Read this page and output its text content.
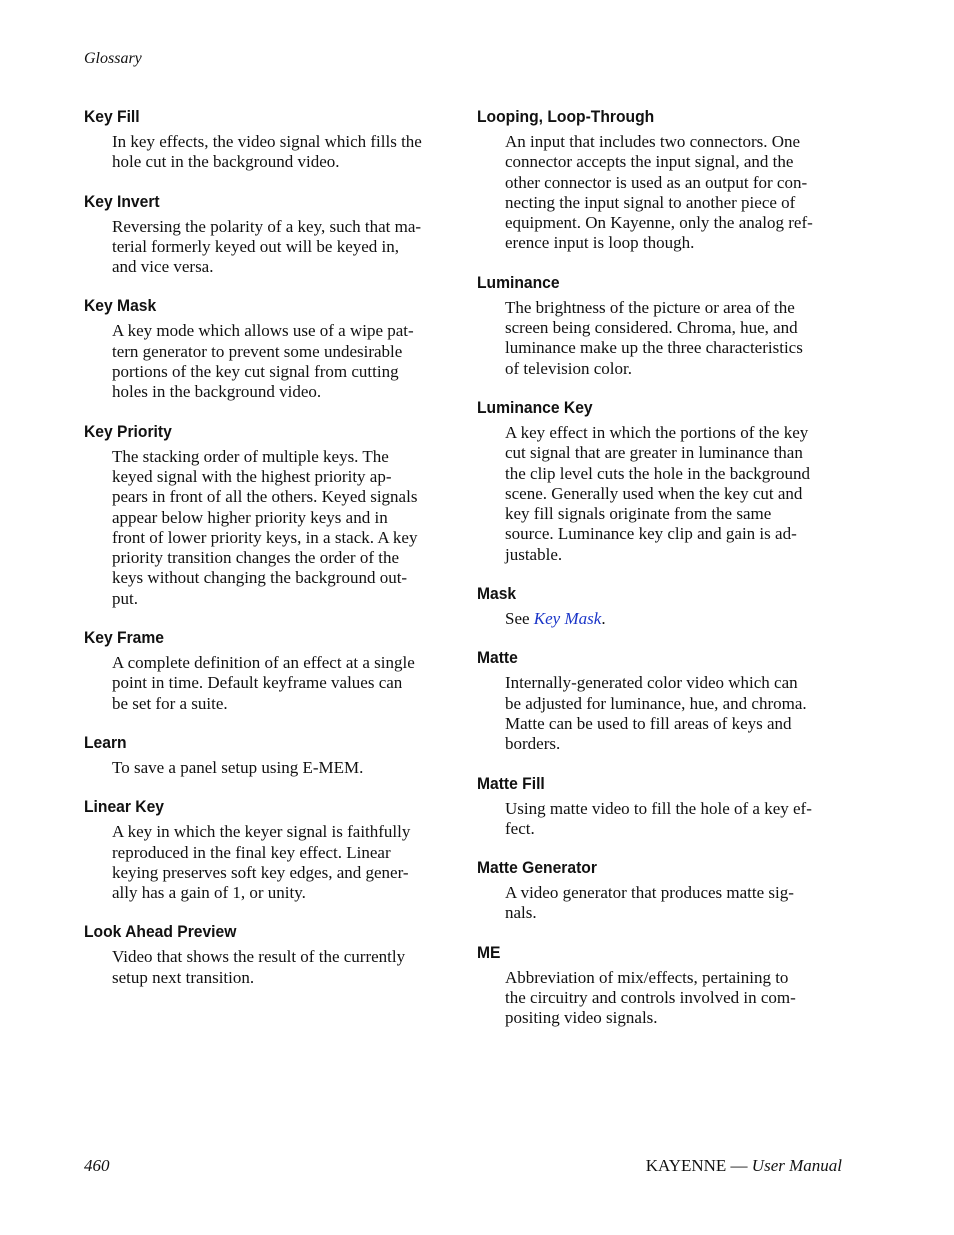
Glossary
Key Fill
In key effects, the video signal which fills the
hole cut in the background video.
Key Invert
Reversing the polarity of a key, such that ma-
terial formerly keyed out will be keyed in,
and vice versa.
Key Mask
A key mode which allows use of a wipe pat-
tern generator to prevent some undesirable
portions of the key cut signal from cutting
holes in the background video.
Key Priority
The stacking order of multiple keys. The
keyed signal with the highest priority ap-
pears in front of all the others. Keyed signals
appear below higher priority keys and in
front of lower priority keys, in a stack. A key
priority transition changes the order of the
keys without changing the background out-
put.
Key Frame
A complete definition of an effect at a single
point in time. Default keyframe values can
be set for a suite.
Learn
To save a panel setup using E-MEM.
Linear Key
A key in which the keyer signal is faithfully
reproduced in the final key effect. Linear
keying preserves soft key edges, and gener-
ally has a gain of 1, or unity.
Look Ahead Preview
Video that shows the result of the currently
setup next transition.
Looping, Loop-Through
An input that includes two connectors. One
connector accepts the input signal, and the
other connector is used as an output for con-
necting the input signal to another piece of
equipment. On Kayenne, only the analog ref-
erence input is loop though.
Luminance
The brightness of the picture or area of the
screen being considered. Chroma, hue, and
luminance make up the three characteristics
of television color.
Luminance Key
A key effect in which the portions of the key
cut signal that are greater in luminance than
the clip level cuts the hole in the background
scene. Generally used when the key cut and
key fill signals originate from the same
source. Luminance key clip and gain is ad-
justable.
Mask
See Key Mask.
Matte
Internally-generated color video which can
be adjusted for luminance, hue, and chroma.
Matte can be used to fill areas of keys and
borders.
Matte Fill
Using matte video to fill the hole of a key ef-
fect.
Matte Generator
A video generator that produces matte sig-
nals.
ME
Abbreviation of mix/effects, pertaining to
the circuitry and controls involved in com-
positing video signals.
460	KAYENNE — User Manual
